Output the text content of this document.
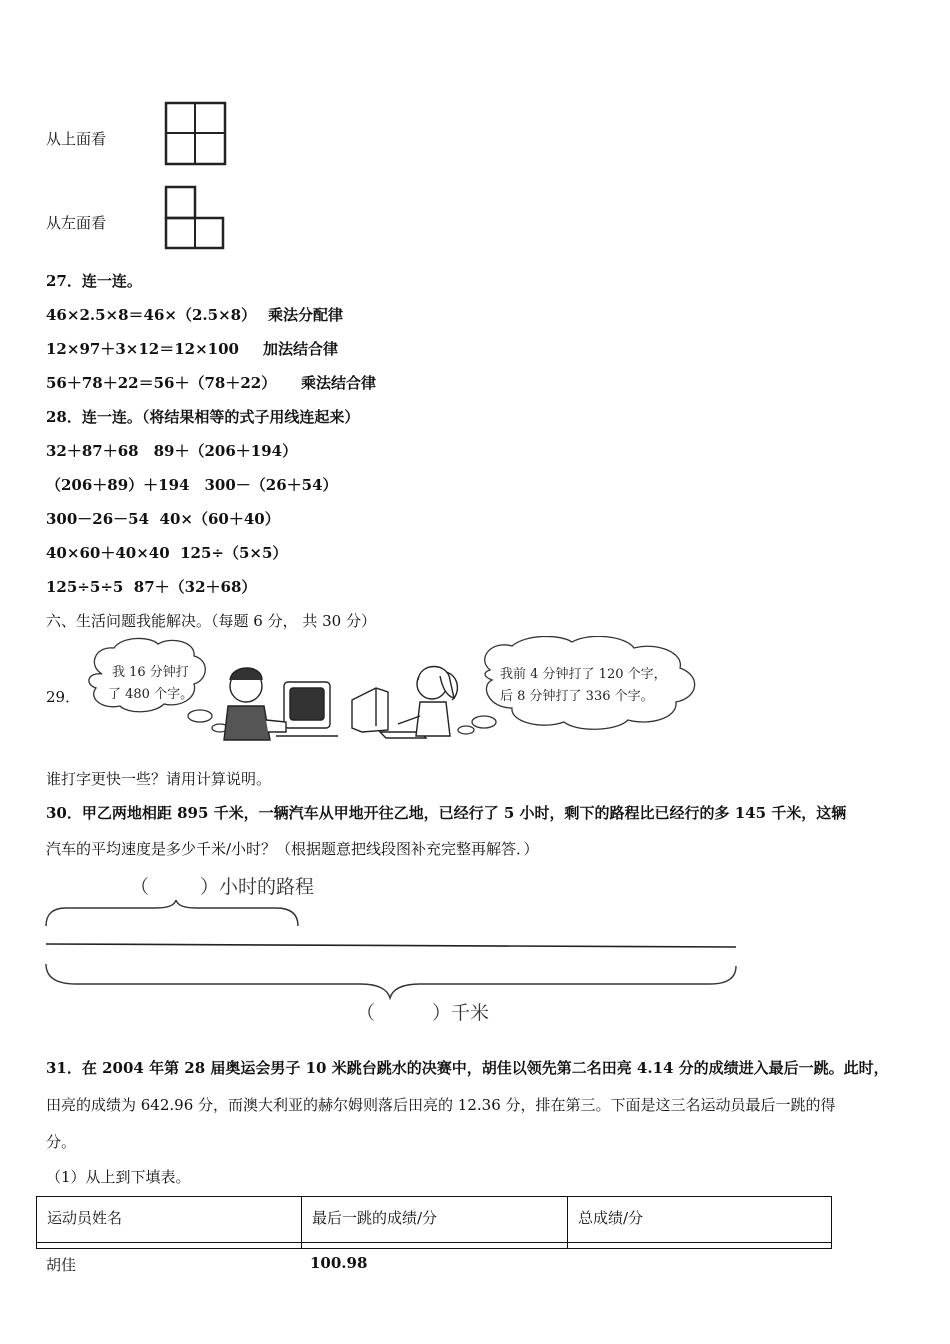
从上面看
从左面看
27．连一连。
46×2.5×8＝46×（2.5×8） 乘法分配律
12×97＋3×12＝12×100 加法结合律
56＋78＋22＝56＋（78＋22） 乘法结合律
28．连一连。（将结果相等的式子用线连起来）
32＋87＋68　89＋（206＋194）
（206＋89）＋194　300－（26＋54）
300－26－54  40×（60＋40）
40×60＋40×40  125÷（5×5）
125÷5÷5  87＋（32＋68）
六、生活问题我能解决。（每题 6 分， 共 30 分）
29．
我 16 分钟打
了 480 个字。
我前 4 分钟打了 120 个字，
后 8 分钟打了 336 个字。
谁打字更快一些？请用计算说明。
30．甲乙两地相距 895 千米，一辆汽车从甲地开往乙地，已经行了 5 小时，剩下的路程比已经行的多 145 千米，这辆
汽车的平均速度是多少千米/小时？（根据题意把线段图补充完整再解答．）
（	）小时的路程
（	）千米
31．在 2004 年第 28 届奥运会男子 10 米跳台跳水的决赛中，胡佳以领先第二名田亮 4.14 分的成绩进入最后一跳。此时，
田亮的成绩为 642.96 分，而澳大利亚的赫尔姆则落后田亮的 12.36 分，排在第三。下面是这三名运动员最后一跳的得
分。
（1）从上到下填表。
运动员姓名	最后一跳的成绩/分	总成绩/分

胡佳	100.98
